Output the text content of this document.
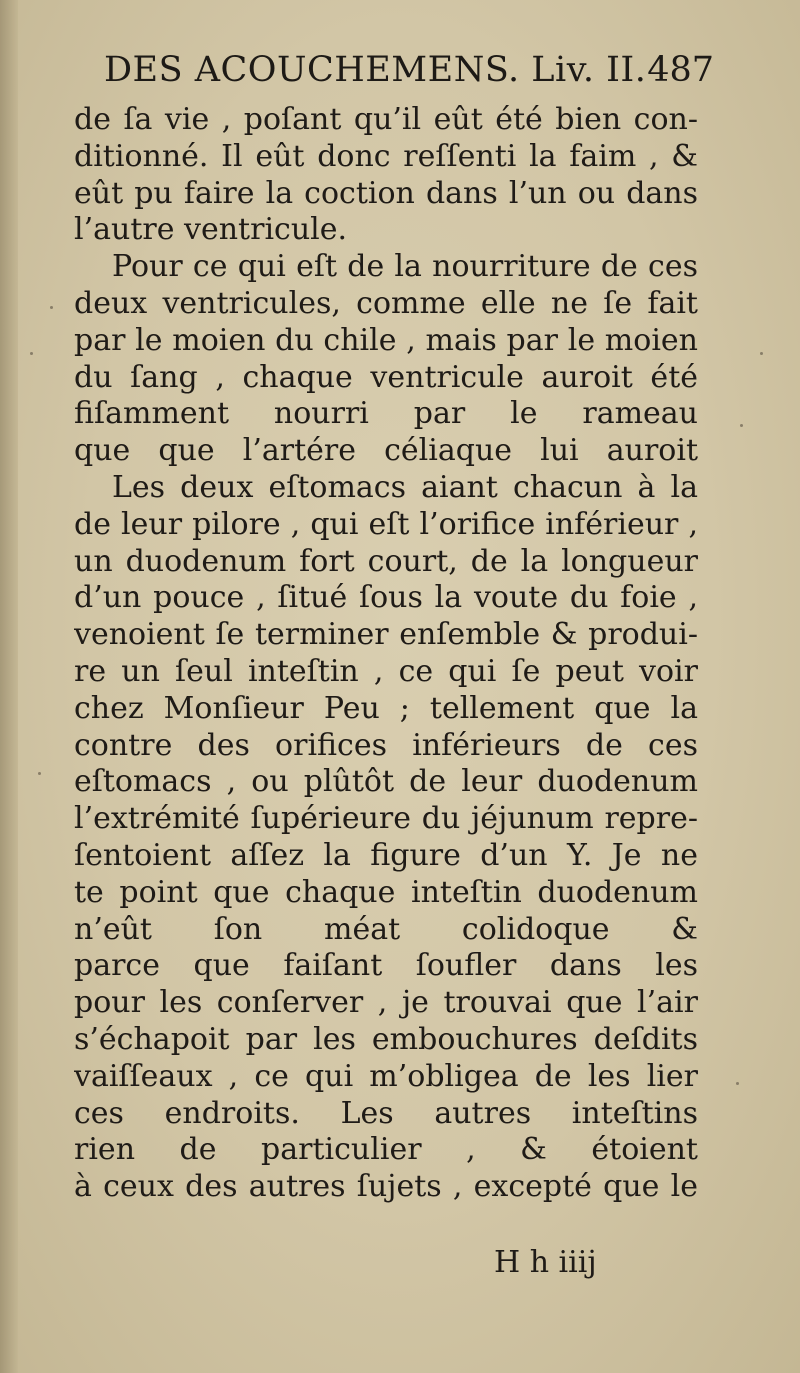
DES ACOUCHEMENS. Liv. II. 487
de ſa vie , poſant qu’il eût été bien con-
ditionné. Il eût donc reſſenti la faim , &
eût pu faire la coction dans l’un ou dans
l’autre ventricule.
Pour ce qui eſt de la nourriture de ces
deux ventricules, comme elle ne ſe fait
par le moien du chile , mais par le moien
du ſang , chaque ventricule auroit été
fiſamment nourri par le rameau
que que l’artére céliaque lui auroit
Les deux eſtomacs aiant chacun à la
de leur pilore , qui eſt l’orifice inférieur ,
un duodenum fort court, de la longueur
d’un pouce , ſitué ſous la voute du foie ,
venoient ſe terminer enſemble & produi-
re un ſeul inteſtin , ce qui ſe peut voir
chez Monſieur Peu ; tellement que la
contre des orifices inférieurs de ces
eſtomacs , ou plûtôt de leur duodenum
l’extrémité ſupérieure du jéjunum repre-
ſentoient aſſez la figure d’un Y. Je ne
te point que chaque inteſtin duodenum
n’eût ſon méat colidoque &
parce que faiſant ſoufler dans les
pour les conſerver , je trouvai que l’air
s’échapoit par les embouchures deſdits
vaiſſeaux , ce qui m’obligea de les lier
ces endroits. Les autres inteſtins
rien de particulier , & étoient
à ceux des autres ſujets , excepté que le
H h iiij
